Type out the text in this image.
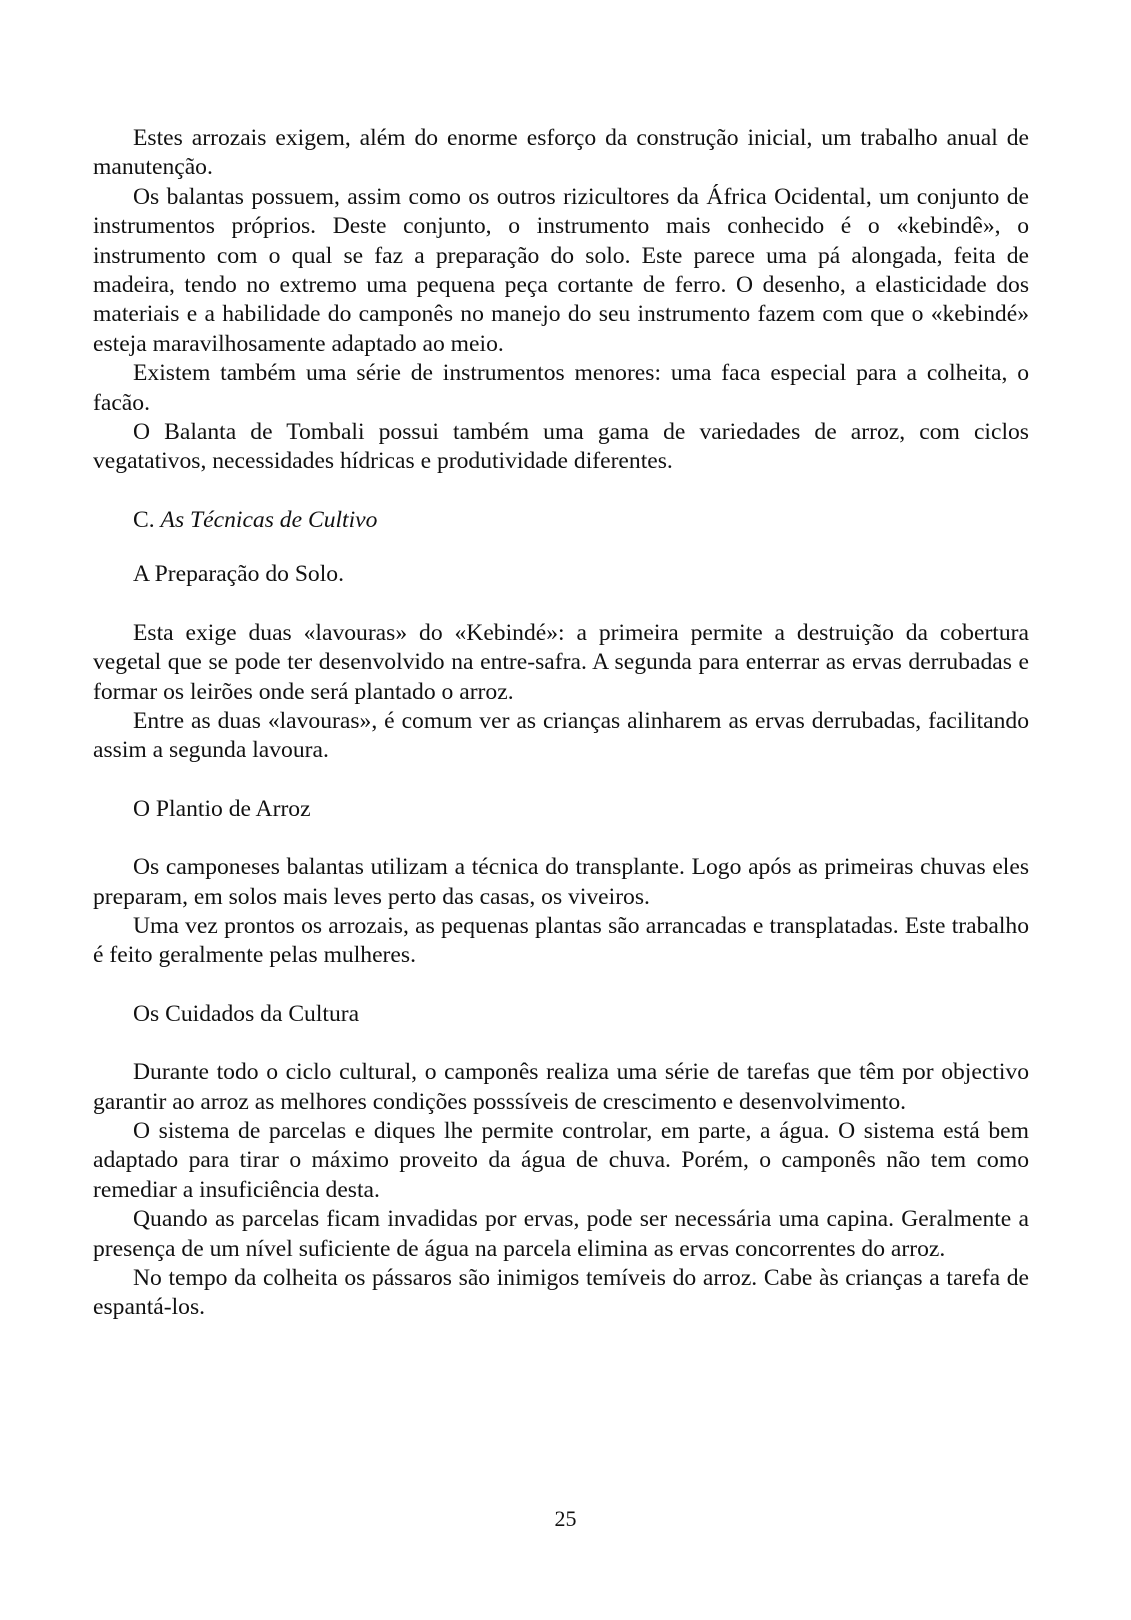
Estes arrozais exigem, além do enorme esforço da construção inicial, um trabalho anual de manutenção.

Os balantas possuem, assim como os outros rizicultores da África Ocidental, um conjunto de instrumentos próprios. Deste conjunto, o instrumento mais conhecido é o «kebindê», o instrumento com o qual se faz a preparação do solo. Este parece uma pá alongada, feita de madeira, tendo no extremo uma pequena peça cortante de ferro. O desenho, a elasticidade dos materiais e a habilidade do camponês no manejo do seu instrumento fazem com que o «kebindé» esteja maravilhosamente adaptado ao meio.

Existem também uma série de instrumentos menores: uma faca especial para a colheita, o facão.

O Balanta de Tombali possui também uma gama de variedades de arroz, com ciclos vegatativos, necessidades hídricas e produtividade diferentes.

C. As Técnicas de Cultivo

A Preparação do Solo.

Esta exige duas «lavouras» do «Kebindé»: a primeira permite a destruição da cobertura vegetal que se pode ter desenvolvido na entre-safra. A segunda para enterrar as ervas derrubadas e formar os leirões onde será plantado o arroz.

Entre as duas «lavouras», é comum ver as crianças alinharem as ervas derrubadas, facilitando assim a segunda lavoura.

O Plantio de Arroz

Os camponeses balantas utilizam a técnica do transplante. Logo após as primeiras chuvas eles preparam, em solos mais leves perto das casas, os viveiros.

Uma vez prontos os arrozais, as pequenas plantas são arrancadas e transplatadas. Este trabalho é feito geralmente pelas mulheres.

Os Cuidados da Cultura

Durante todo o ciclo cultural, o camponês realiza uma série de tarefas que têm por objectivo garantir ao arroz as melhores condições posssíveis de crescimento e desenvolvimento.

O sistema de parcelas e diques lhe permite controlar, em parte, a água. O sistema está bem adaptado para tirar o máximo proveito da água de chuva. Porém, o camponês não tem como remediar a insuficiência desta.

Quando as parcelas ficam invadidas por ervas, pode ser necessária uma capina. Geralmente a presença de um nível suficiente de água na parcela elimina as ervas concorrentes do arroz.

No tempo da colheita os pássaros são inimigos temíveis do arroz. Cabe às crianças a tarefa de espantá-los.

25
